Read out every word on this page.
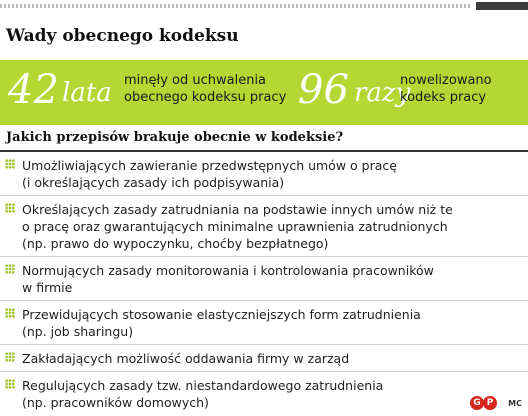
Wady obecnego kodeksu
42 lata minęły od uchwalenia
obecnego kodeksu pracy 96 razy
nowelizowano
kodeks pracy
Jakich przepisów brakuje obecnie w kodeksie?
Umożliwiających zawieranie przedwstępnych umów o pracę
(i określających zasady ich podpisywania)
Określających zasady zatrudniania na podstawie innych umów niż te
o pracę oraz gwarantujących minimalne uprawnienia zatrudnionych
(np. prawo do wypoczynku, choćby bezpłatnego)
Normujących zasady monitorowania i kontrolowania pracowników
w firmie
Przewidujących stosowanie elastyczniejszych form zatrudnienia
(np. job sharingu)
Zakładających możliwość oddawania firmy w zarząd
Regulujących zasady tzw. niestandardowego zatrudnienia
(np. pracowników domowych)	G P	MC
